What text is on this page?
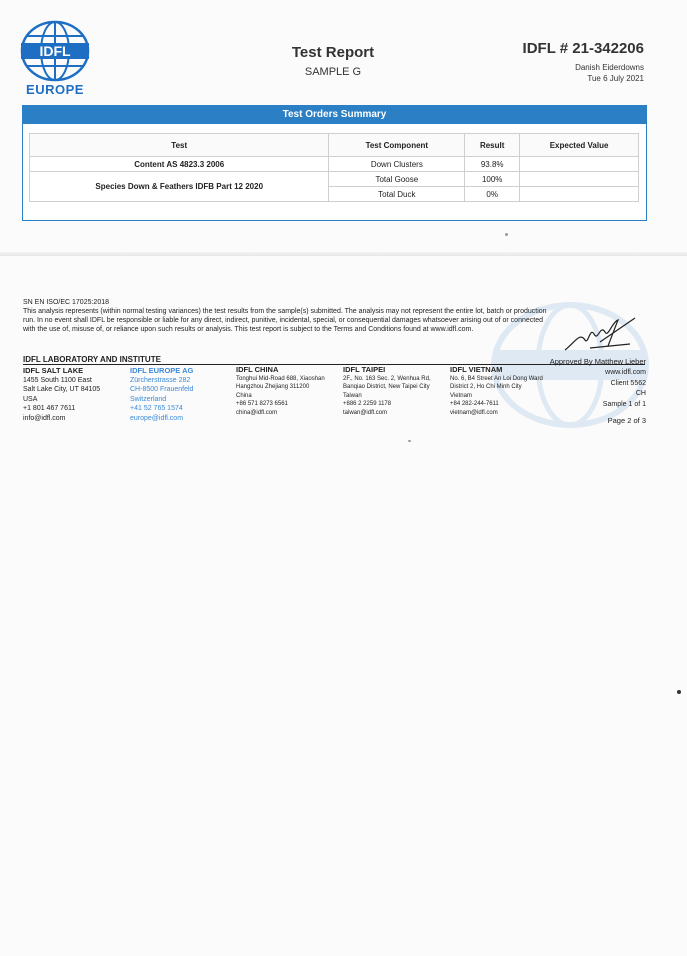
IDFL
EUROPE
Test Report
SAMPLE G
IDFL # 21-342206
Danish Eiderdowns
Tue 6 July 2021
Test Orders Summary
Test	Test Component	Result	Expected Value
Content AS 4823.3 2006	Down Clusters	93.8%	
Species Down & Feathers IDFB Part 12 2020	Total Goose	100%	
	Total Duck	0%	
SN EN ISO/EC 17025:2018
This analysis represents (within normal testing variances) the test results from the sample(s) submitted. The analysis may not represent the entire lot, batch or production run. In no event shall IDFL be responsible or liable for any direct, indirect, punitive, incidental, special, or consequential damages whatsoever arising out of or connected with the use of, misuse of, or reliance upon such results or analysis. This test report is subject to the Terms and Conditions found at www.idfl.com.
Approved By Matthew Lieber
IDFL LABORATORY AND INSTITUTE
IDFL SALT LAKE
1455 South 1100 East
Salt Lake City, UT 84105
USA
+1 801 467 7611
info@idfl.com
IDFL EUROPE AG
Zürcherstrasse 282
CH-8500 Frauenfeld
Switzerland
+41 52 765 1574
europe@idfl.com
IDFL CHINA
Tonghui Mid-Road 688, Xiaoshan
Hangzhou Zhejiang 311200
China
+86 571 8273 6561
china@idfl.com
IDFL TAIPEI
2F., No. 163 Sec. 2, Wenhua Rd,
Banqiao District, New Taipei City
Taiwan
+886 2 2259 1178
taiwan@idfl.com
IDFL VIETNAM
No. 6, B4 Street An Loi Dong Ward
District 2, Ho Chi Minh City
Vietnam
+84 282-244-7611
vietnam@idfl.com
www.idfl.com
Client 5562
CH
Sample 1 of 1
Page 2 of 3
